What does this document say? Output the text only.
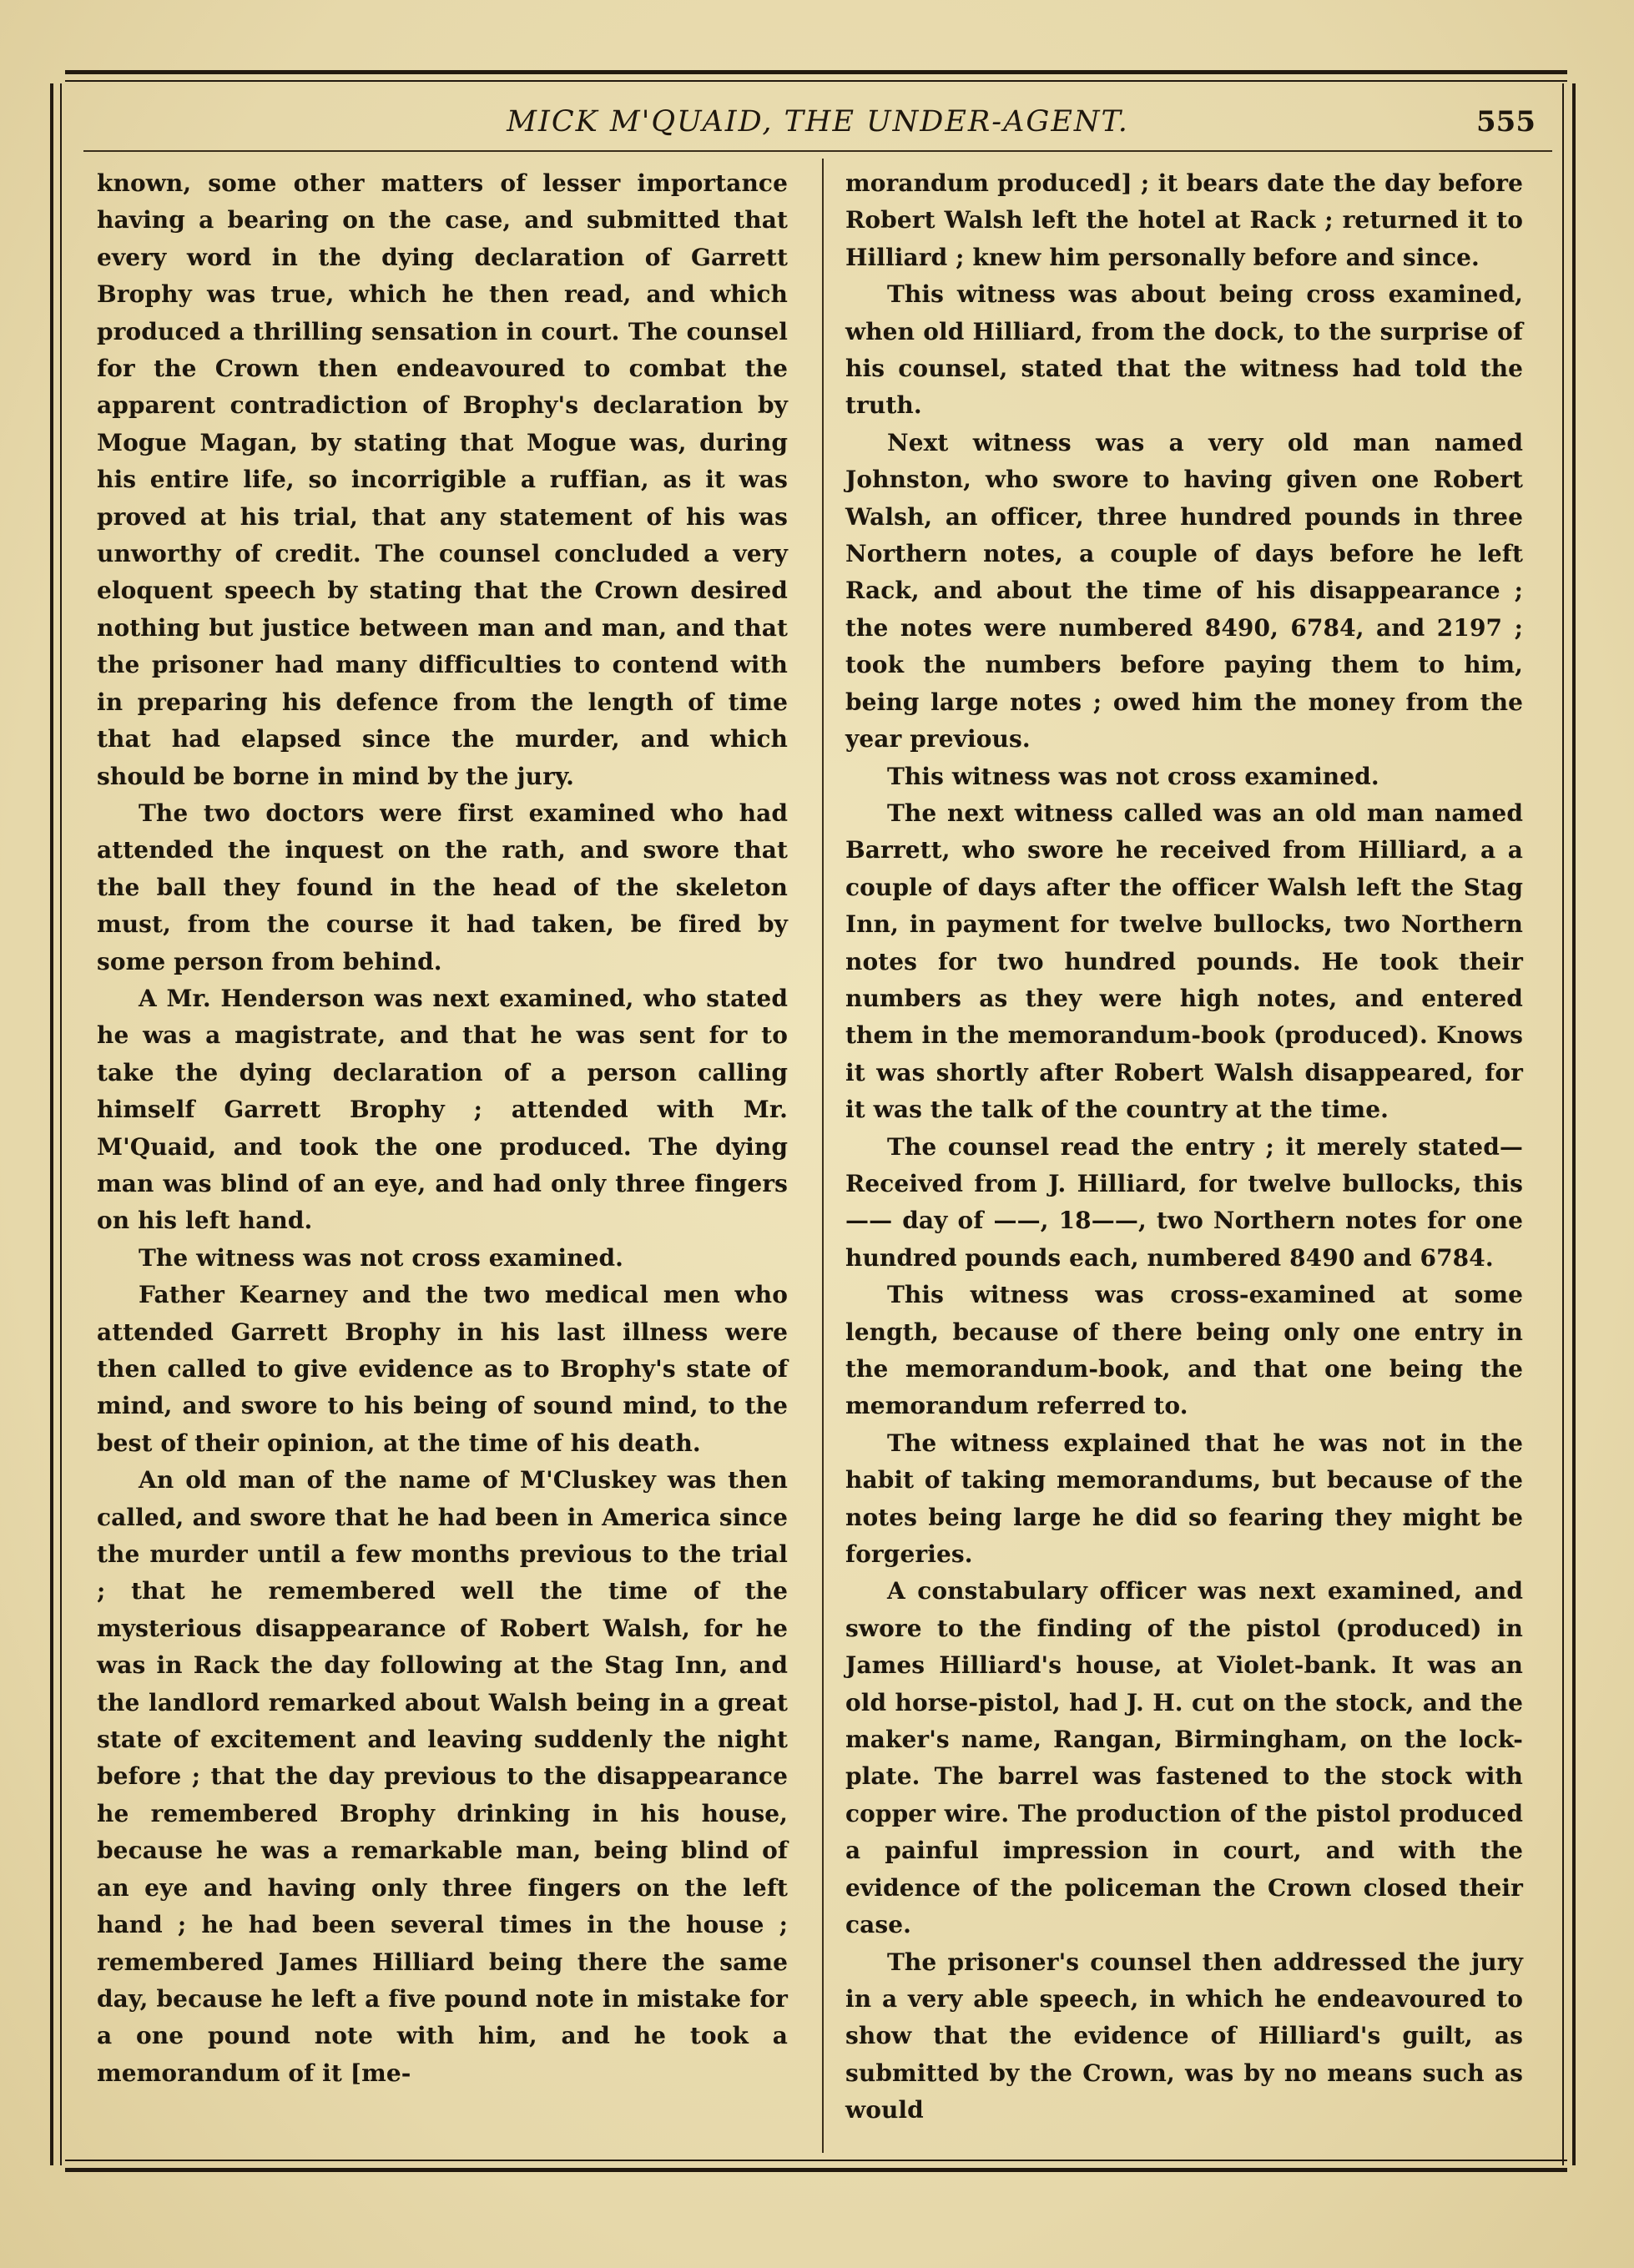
MICK M'QUAID, THE UNDER-AGENT.	555

known, some other matters of lesser importance having a bearing on the case, and submitted that every word in the dying declaration of Garrett Brophy was true, which he then read, and which produced a thrilling sensation in court. The counsel for the Crown then endeavoured to combat the apparent contradiction of Brophy's declaration by Mogue Magan, by stating that Mogue was, during his entire life, so incorrigible a ruffian, as it was proved at his trial, that any statement of his was unworthy of credit. The counsel concluded a very eloquent speech by stating that the Crown desired nothing but justice between man and man, and that the prisoner had many difficulties to contend with in preparing his defence from the length of time that had elapsed since the murder, and which should be borne in mind by the jury.

The two doctors were first examined who had attended the inquest on the rath, and swore that the ball they found in the head of the skeleton must, from the course it had taken, be fired by some person from behind.

A Mr. Henderson was next examined, who stated he was a magistrate, and that he was sent for to take the dying declaration of a person calling himself Garrett Brophy ; attended with Mr. M'Quaid, and took the one produced. The dying man was blind of an eye, and had only three fingers on his left hand.

The witness was not cross examined.

Father Kearney and the two medical men who attended Garrett Brophy in his last illness were then called to give evidence as to Brophy's state of mind, and swore to his being of sound mind, to the best of their opinion, at the time of his death.

An old man of the name of M'Cluskey was then called, and swore that he had been in America since the murder until a few months previous to the trial ; that he remembered well the time of the mysterious disappearance of Robert Walsh, for he was in Rack the day following at the Stag Inn, and the landlord remarked about Walsh being in a great state of excitement and leaving suddenly the night before ; that the day previous to the disappearance he remembered Brophy drinking in his house, because he was a remarkable man, being blind of an eye and having only three fingers on the left hand ; he had been several times in the house ; remembered James Hilliard being there the same day, because he left a five pound note in mistake for a one pound note with him, and he took a memorandum of it [me-

morandum produced] ; it bears date the day before Robert Walsh left the hotel at Rack ; returned it to Hilliard ; knew him personally before and since.

This witness was about being cross examined, when old Hilliard, from the dock, to the surprise of his counsel, stated that the witness had told the truth.

Next witness was a very old man named Johnston, who swore to having given one Robert Walsh, an officer, three hundred pounds in three Northern notes, a couple of days before he left Rack, and about the time of his disappearance ; the notes were numbered 8490, 6784, and 2197 ; took the numbers before paying them to him, being large notes ; owed him the money from the year previous.

This witness was not cross examined.

The next witness called was an old man named Barrett, who swore he received from Hilliard, a a couple of days after the officer Walsh left the Stag Inn, in payment for twelve bullocks, two Northern notes for two hundred pounds. He took their numbers as they were high notes, and entered them in the memorandum-book (produced). Knows it was shortly after Robert Walsh disappeared, for it was the talk of the country at the time.

The counsel read the entry ; it merely stated— Received from J. Hilliard, for twelve bullocks, this —— day of ——, 18——, two Northern notes for one hundred pounds each, numbered 8490 and 6784.

This witness was cross-examined at some length, because of there being only one entry in the memorandum-book, and that one being the memorandum referred to.

The witness explained that he was not in the habit of taking memorandums, but because of the notes being large he did so fearing they might be forgeries.

A constabulary officer was next examined, and swore to the finding of the pistol (produced) in James Hilliard's house, at Violet-bank. It was an old horse-pistol, had J. H. cut on the stock, and the maker's name, Rangan, Birmingham, on the lock-plate. The barrel was fastened to the stock with copper wire. The production of the pistol produced a painful impression in court, and with the evidence of the policeman the Crown closed their case.

The prisoner's counsel then addressed the jury in a very able speech, in which he endeavoured to show that the evidence of Hilliard's guilt, as submitted by the Crown, was by no means such as would
